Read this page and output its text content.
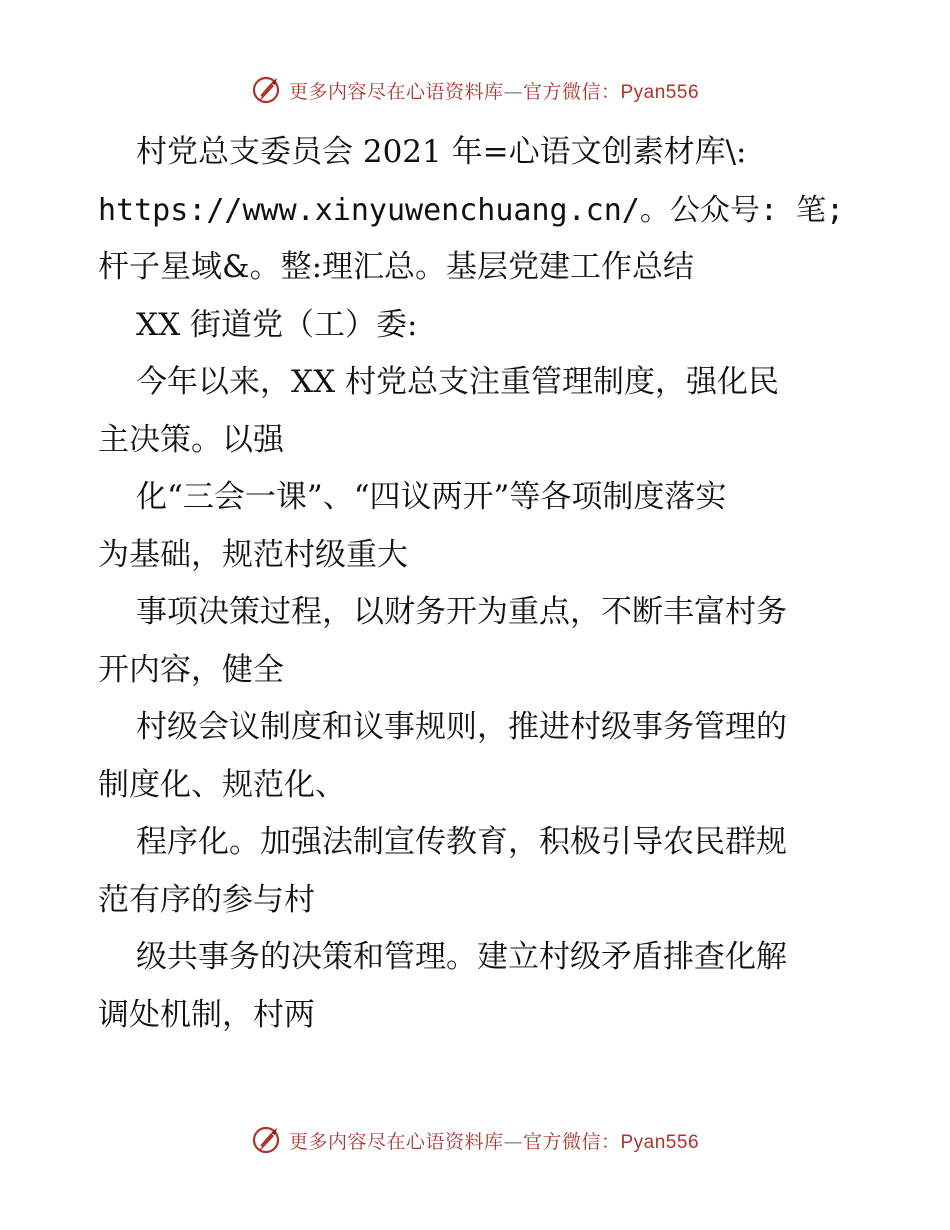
更多内容尽在心语资料库—官方微信：Pyan556
村党总支委员会 2021 年=心语文创素材库\:
https://www.xinyuwenchuang.cn/。公众号: 笔;
杆子星域&。整:理汇总。基层党建工作总结
XX 街道党（工）委:
今年以来，XX 村党总支注重管理制度，强化民
主决策。以强
化“三会一课”、“四议两开”等各项制度落实
为基础，规范村级重大
事项决策过程，以财务开为重点，不断丰富村务
开内容，健全
村级会议制度和议事规则，推进村级事务管理的
制度化、规范化、
程序化。加强法制宣传教育，积极引导农民群规
范有序的参与村
级共事务的决策和管理。建立村级矛盾排查化解
调处机制，村两
更多内容尽在心语资料库—官方微信：Pyan556
